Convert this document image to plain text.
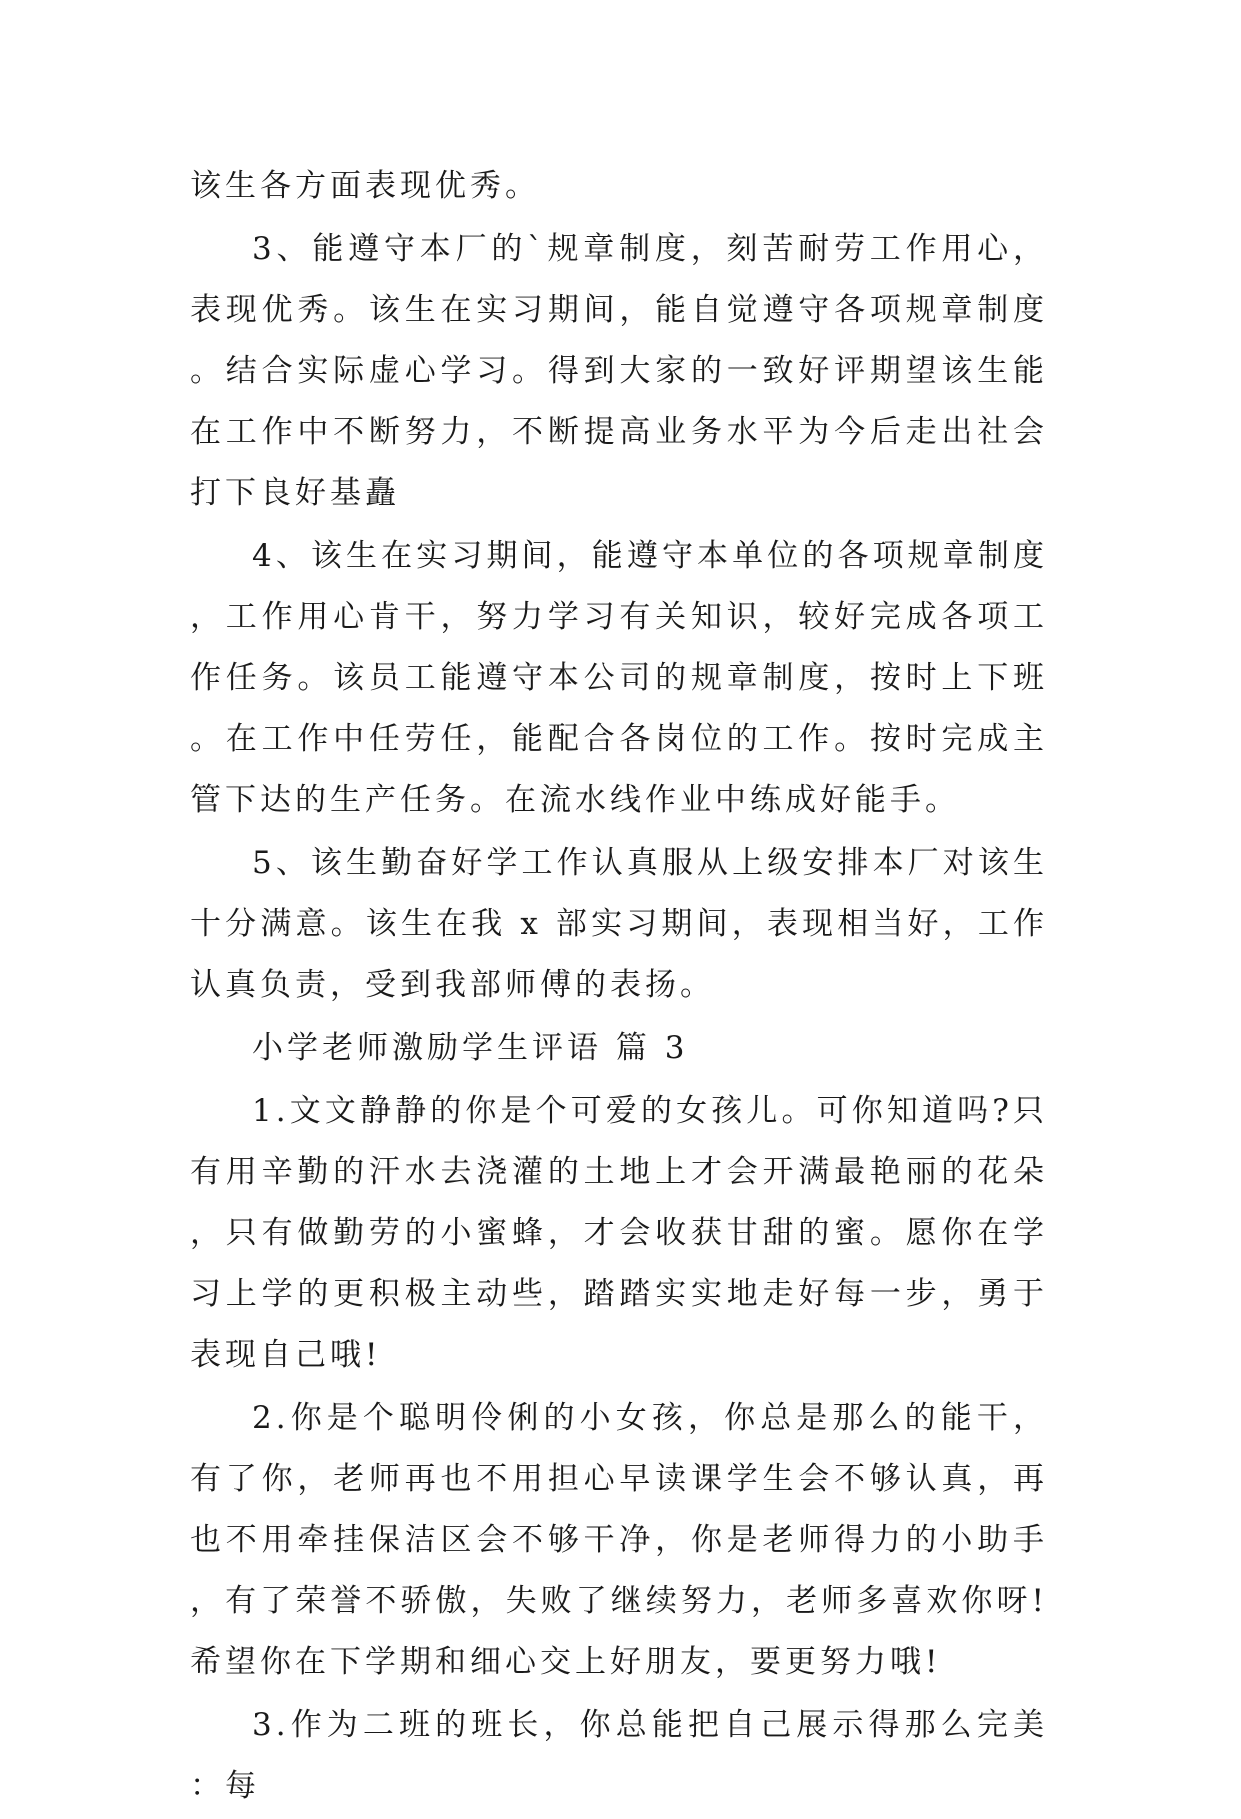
该生各方面表现优秀。

3、能遵守本厂的`规章制度，刻苦耐劳工作用心，表现优秀。该生在实习期间，能自觉遵守各项规章制度。结合实际虚心学习。得到大家的一致好评期望该生能在工作中不断努力，不断提高业务水平为今后走出社会打下良好基矗

4、该生在实习期间，能遵守本单位的各项规章制度，工作用心肯干，努力学习有关知识，较好完成各项工作任务。该员工能遵守本公司的规章制度，按时上下班。在工作中任劳任，能配合各岗位的工作。按时完成主管下达的生产任务。在流水线作业中练成好能手。

5、该生勤奋好学工作认真服从上级安排本厂对该生十分满意。该生在我 x 部实习期间，表现相当好，工作认真负责，受到我部师傅的表扬。

小学老师激励学生评语 篇 3

1.文文静静的你是个可爱的女孩儿。可你知道吗?只有用辛勤的汗水去浇灌的土地上才会开满最艳丽的花朵，只有做勤劳的小蜜蜂，才会收获甘甜的蜜。愿你在学习上学的更积极主动些，踏踏实实地走好每一步，勇于表现自己哦!

2.你是个聪明伶俐的小女孩，你总是那么的能干，有了你，老师再也不用担心早读课学生会不够认真，再也不用牵挂保洁区会不够干净，你是老师得力的小助手，有了荣誉不骄傲，失败了继续努力，老师多喜欢你呀!希望你在下学期和细心交上好朋友，要更努力哦!

3.作为二班的班长，你总能把自己展示得那么完美：每
